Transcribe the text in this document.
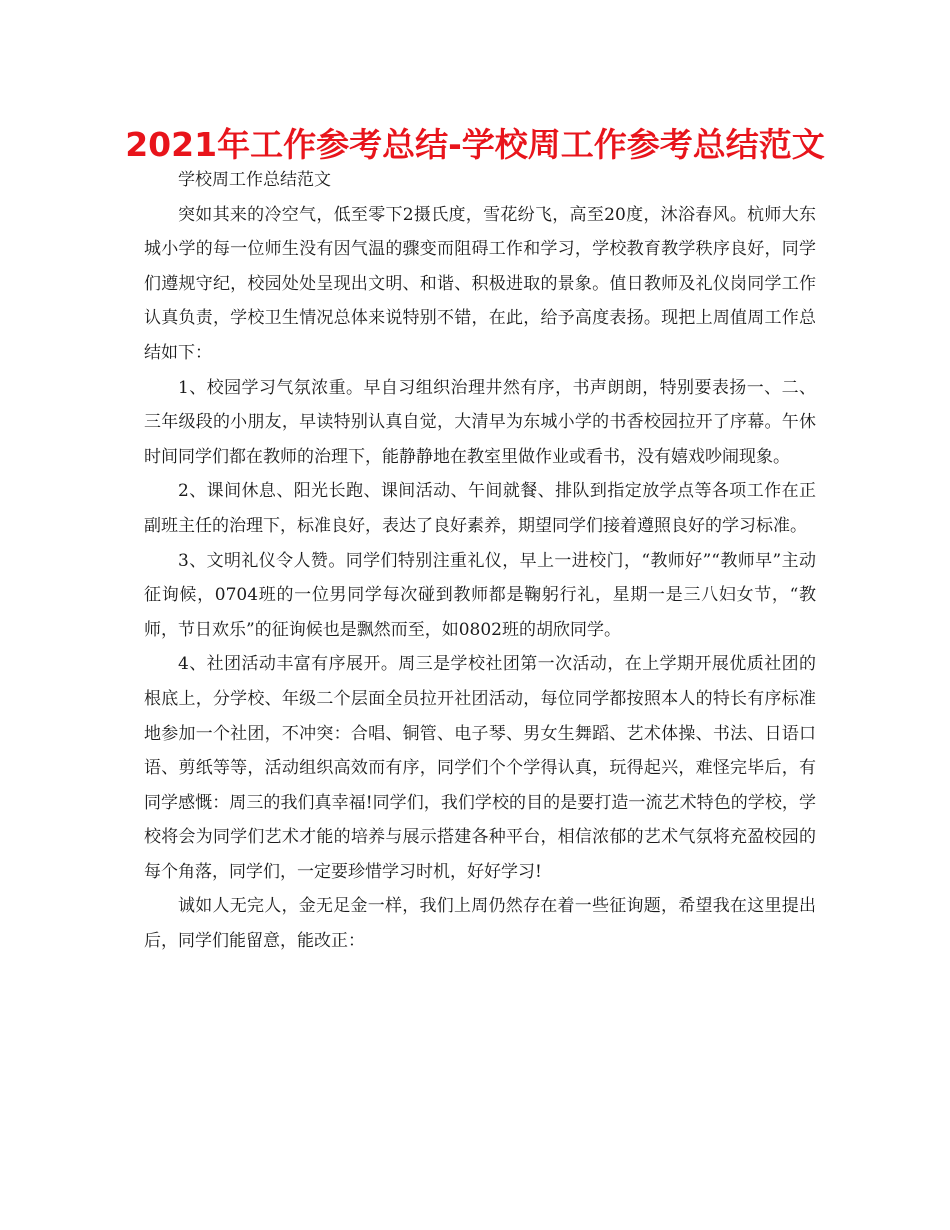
2021年工作参考总结-学校周工作参考总结范文

学校周工作总结范文

突如其来的冷空气，低至零下2摄氏度，雪花纷飞，高至20度，沐浴春风。杭师大东城小学的每一位师生没有因气温的骤变而阻碍工作和学习，学校教育教学秩序良好，同学们遵规守纪，校园处处呈现出文明、和谐、积极进取的景象。值日教师及礼仪岗同学工作认真负责，学校卫生情况总体来说特别不错，在此，给予高度表扬。现把上周值周工作总结如下：

1、校园学习气氛浓重。早自习组织治理井然有序，书声朗朗，特别要表扬一、二、三年级段的小朋友，早读特别认真自觉，大清早为东城小学的书香校园拉开了序幕。午休时间同学们都在教师的治理下，能静静地在教室里做作业或看书，没有嬉戏吵闹现象。

2、课间休息、阳光长跑、课间活动、午间就餐、排队到指定放学点等各项工作在正副班主任的治理下，标准良好，表达了良好素养，期望同学们接着遵照良好的学习标准。

3、文明礼仪令人赞。同学们特别注重礼仪，早上一进校门，“教师好”“教师早”主动征询候，0704班的一位男同学每次碰到教师都是鞠躬行礼，星期一是三八妇女节，“教师，节日欢乐”的征询候也是飘然而至，如0802班的胡欣同学。

4、社团活动丰富有序展开。周三是学校社团第一次活动，在上学期开展优质社团的根底上，分学校、年级二个层面全员拉开社团活动，每位同学都按照本人的特长有序标准地参加一个社团，不冲突：合唱、铜管、电子琴、男女生舞蹈、艺术体操、书法、日语口语、剪纸等等，活动组织高效而有序，同学们个个学得认真，玩得起兴，难怪完毕后，有同学感慨：周三的我们真幸福!同学们，我们学校的目的是要打造一流艺术特色的学校，学校将会为同学们艺术才能的培养与展示搭建各种平台，相信浓郁的艺术气氛将充盈校园的每个角落，同学们，一定要珍惜学习时机，好好学习!

诚如人无完人，金无足金一样，我们上周仍然存在着一些征询题，希望我在这里提出后，同学们能留意，能改正：
